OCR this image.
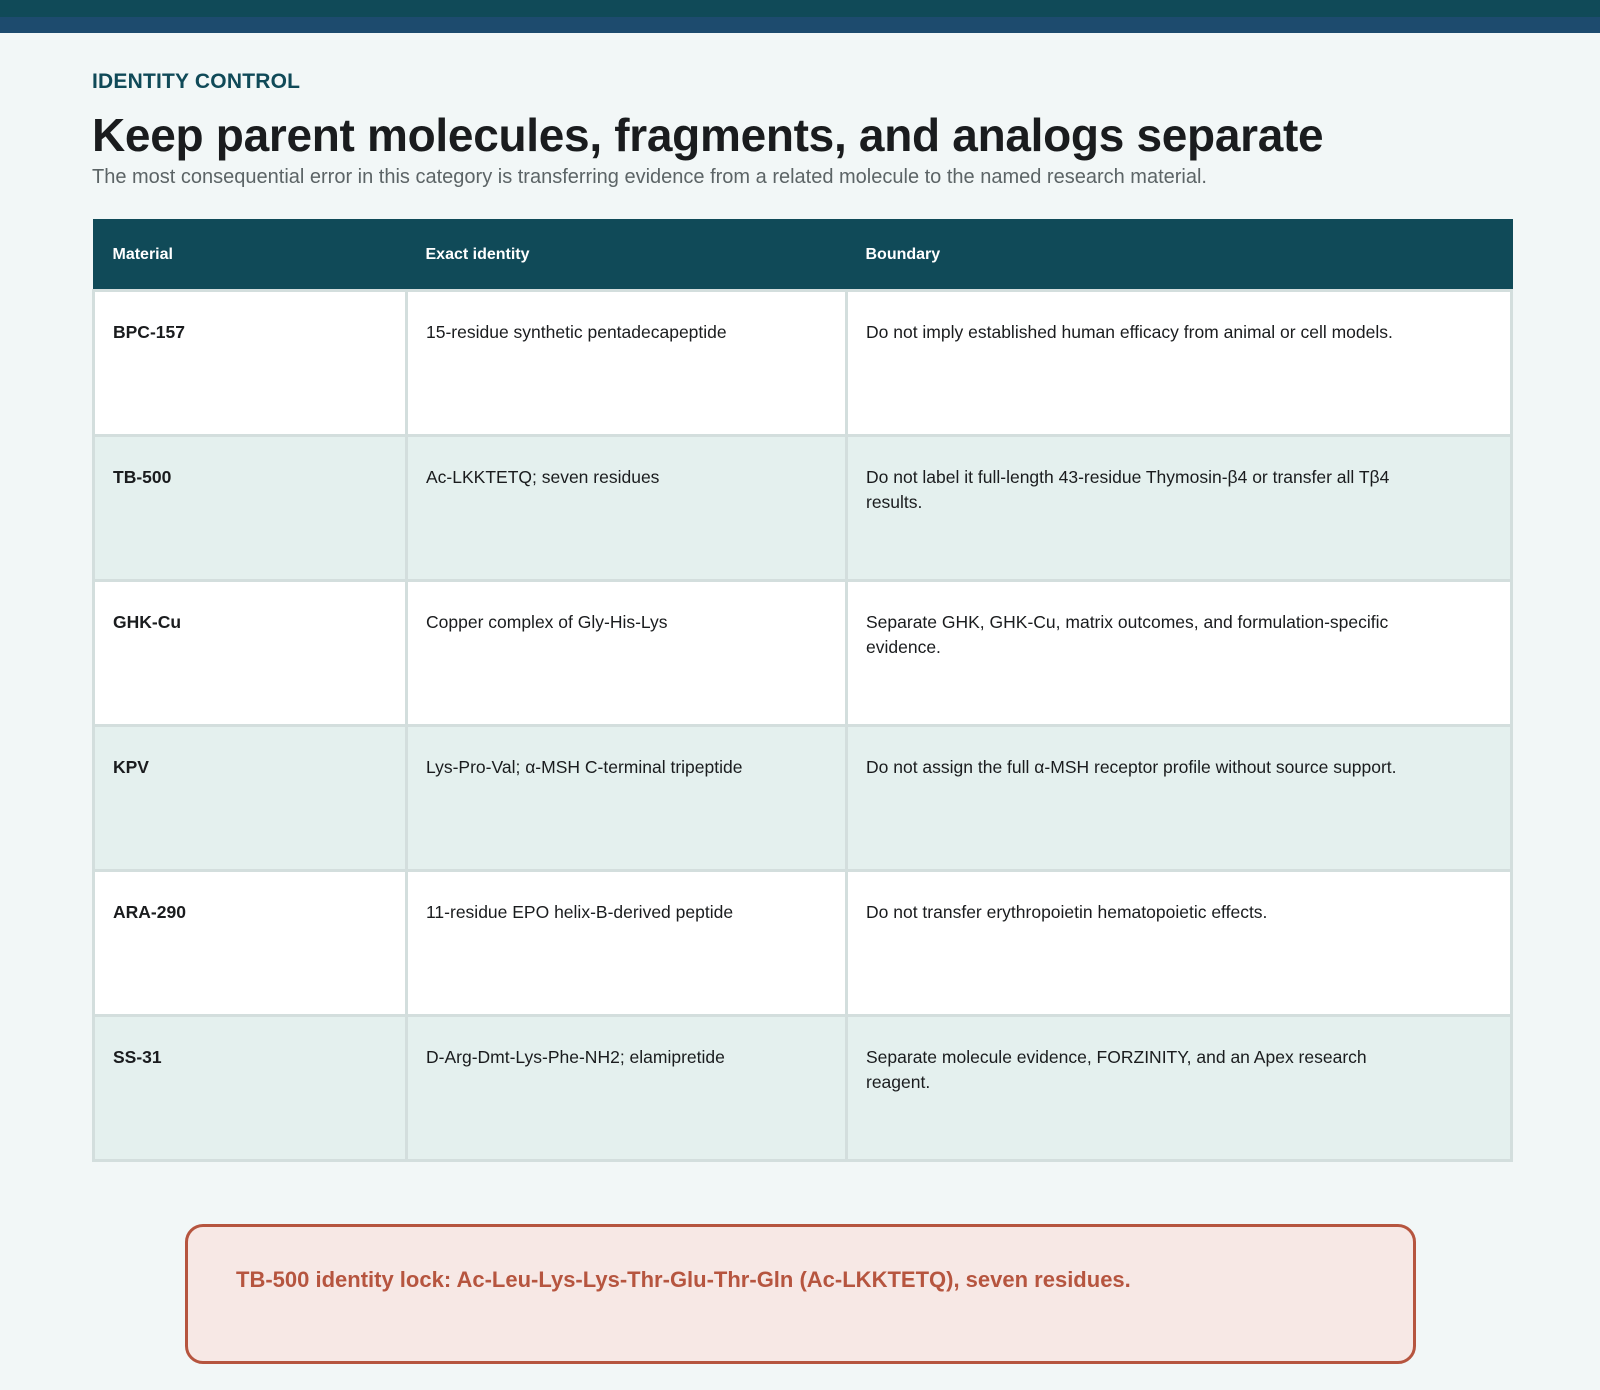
IDENTITY CONTROL
Keep parent molecules, fragments, and analogs separate

The most consequential error in this category is transferring evidence from a related molecule to the named research material.

Material	Exact identity	Boundary
BPC-157	15-residue synthetic pentadecapeptide	Do not imply established human efficacy from animal or cell models.

TB-500	Ac-LKKTETQ; seven residues	Do not label it full-length 43-residue Thymosin-β4 or transfer all Tβ4 results.

GHK-Cu	Copper complex of Gly-His-Lys	Separate GHK, GHK-Cu, matrix outcomes, and formulation-specific evidence.

KPV	Lys-Pro-Val; α-MSH C-terminal tripeptide	Do not assign the full α-MSH receptor profile without source support.

ARA-290	11-residue EPO helix-B-derived peptide	Do not transfer erythropoietin hematopoietic effects.

SS-31	D-Arg-Dmt-Lys-Phe-NH2; elamipretide	Separate molecule evidence, FORZINITY, and an Apex research reagent.

TB-500 identity lock: Ac-Leu-Lys-Lys-Thr-Glu-Thr-Gln (Ac-LKKTETQ), seven residues.
